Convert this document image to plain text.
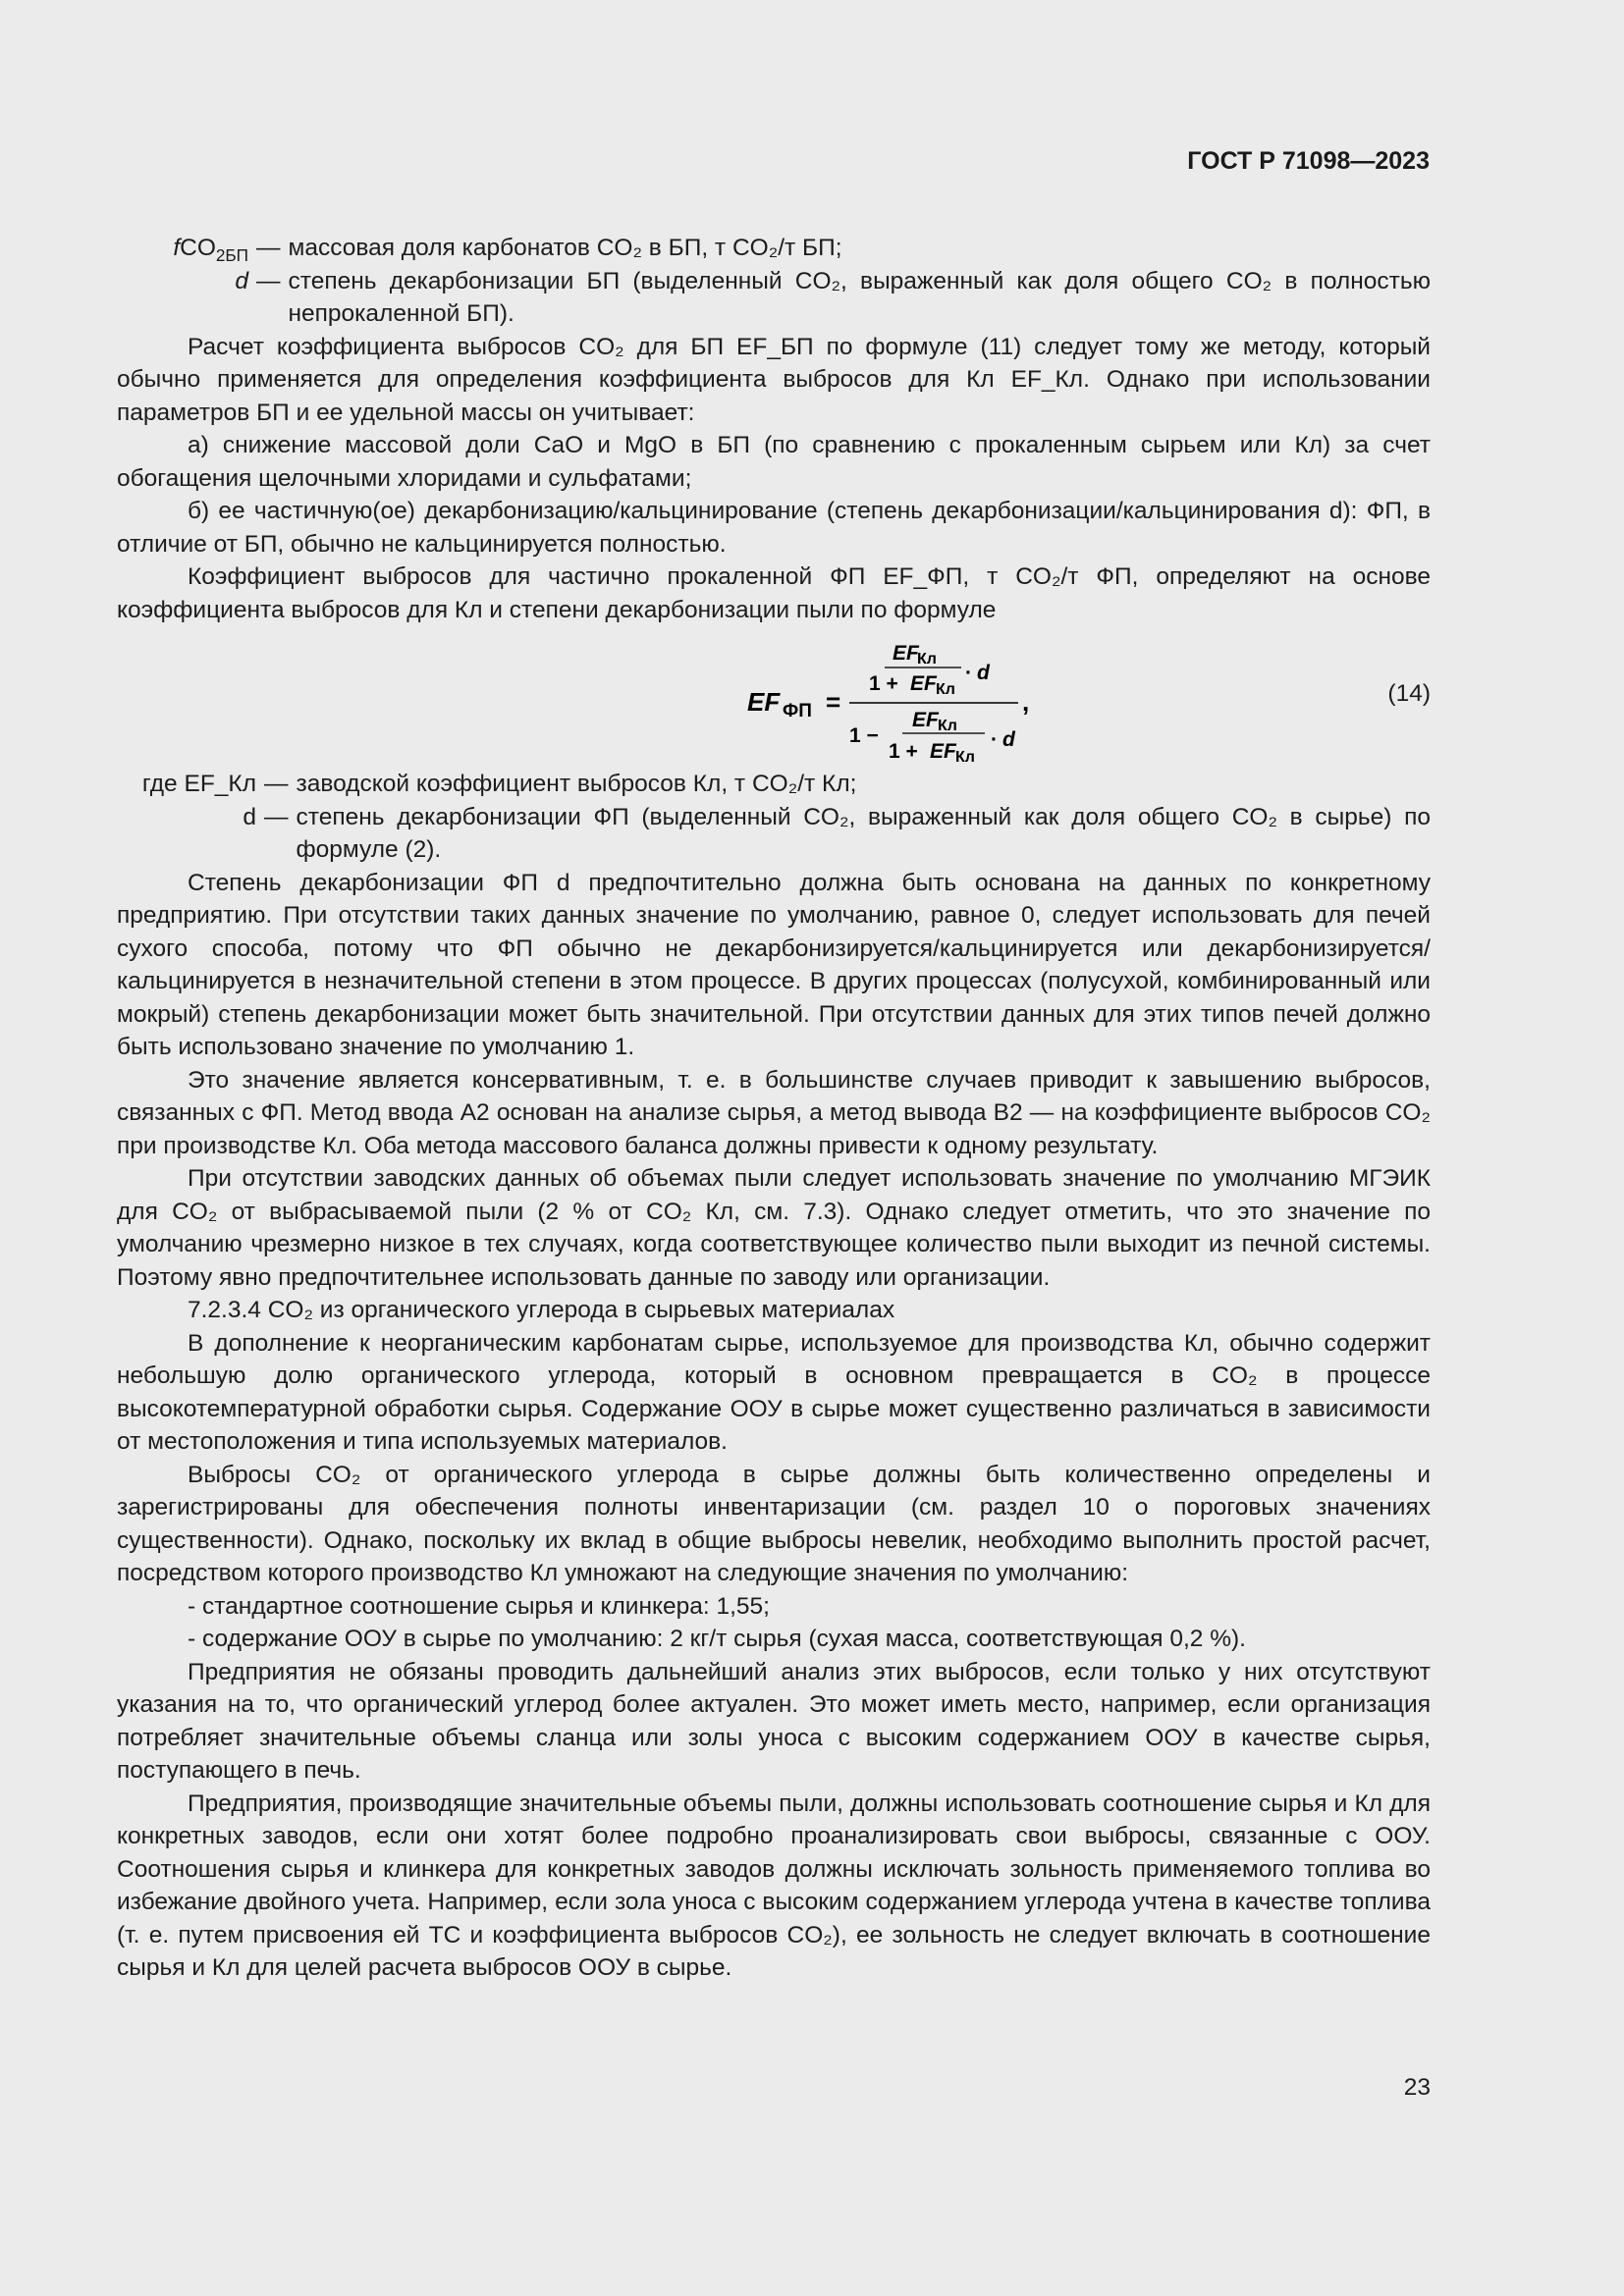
ГОСТ Р 71098—2023
fCO$_{2БП}$ — массовая доля карбонатов CO₂ в БП, т CO₂/т БП;
d — степень декарбонизации БП (выделенный CO₂, выраженный как доля общего CO₂ в полностью непрокаленной БП).

Расчет коэффициента выбросов CO₂ для БП EF_БП по формуле (11) следует тому же методу, который обычно применяется для определения коэффициента выбросов для Кл EF_Кл. Однако при использовании параметров БП и ее удельной массы он учитывает:

а) снижение массовой доли CaO и MgO в БП (по сравнению с прокаленным сырьем или Кл) за счет обогащения щелочными хлоридами и сульфатами;

б) ее частичную(ое) декарбонизацию/кальцинирование (степень декарбонизации/кальцинирования d): ФП, в отличие от БП, обычно не кальцинируется полностью.

Коэффициент выбросов для частично прокаленной ФП EF_ФП, т CO₂/т ФП, определяют на основе коэффициента выбросов для Кл и степени декарбонизации пыли по формуле

EF ФП =
EF
Кл
1 + EF Кл
· d
,
1 −
EF Кл
1 + EF Кл
· d
(14)
где EF_Кл — заводской коэффициент выбросов Кл, т CO₂/т Кл;
d — степень декарбонизации ФП (выделенный CO₂, выраженный как доля общего CO₂ в сырье) по формуле (2).

Степень декарбонизации ФП d предпочтительно должна быть основана на данных по конкретному предприятию. При отсутствии таких данных значение по умолчанию, равное 0, следует использовать для печей сухого способа, потому что ФП обычно не декарбонизируется/кальцинируется или декарбонизируется/кальцинируется в незначительной степени в этом процессе. В других процессах (полусухой, комбинированный или мокрый) степень декарбонизации может быть значительной. При отсутствии данных для этих типов печей должно быть использовано значение по умолчанию 1.

Это значение является консервативным, т. е. в большинстве случаев приводит к завышению выбросов, связанных с ФП. Метод ввода A2 основан на анализе сырья, а метод вывода B2 — на коэффициенте выбросов CO₂ при производстве Кл. Оба метода массового баланса должны привести к одному результату.

При отсутствии заводских данных об объемах пыли следует использовать значение по умолчанию МГЭИК для CO₂ от выбрасываемой пыли (2 % от CO₂ Кл, см. 7.3). Однако следует отметить, что это значение по умолчанию чрезмерно низкое в тех случаях, когда соответствующее количество пыли выходит из печной системы. Поэтому явно предпочтительнее использовать данные по заводу или организации.

7.2.3.4 CO₂ из органического углерода в сырьевых материалах

В дополнение к неорганическим карбонатам сырье, используемое для производства Кл, обычно содержит небольшую долю органического углерода, который в основном превращается в CO₂ в процессе высокотемпературной обработки сырья. Содержание ООУ в сырье может существенно различаться в зависимости от местоположения и типа используемых материалов.

Выбросы CO₂ от органического углерода в сырье должны быть количественно определены и зарегистрированы для обеспечения полноты инвентаризации (см. раздел 10 о пороговых значениях существенности). Однако, поскольку их вклад в общие выбросы невелик, необходимо выполнить простой расчет, посредством которого производство Кл умножают на следующие значения по умолчанию:

- стандартное соотношение сырья и клинкера: 1,55;

- содержание ООУ в сырье по умолчанию: 2 кг/т сырья (сухая масса, соответствующая 0,2 %).

Предприятия не обязаны проводить дальнейший анализ этих выбросов, если только у них отсутствуют указания на то, что органический углерод более актуален. Это может иметь место, например, если организация потребляет значительные объемы сланца или золы уноса с высоким содержанием ООУ в качестве сырья, поступающего в печь.

Предприятия, производящие значительные объемы пыли, должны использовать соотношение сырья и Кл для конкретных заводов, если они хотят более подробно проанализировать свои выбросы, связанные с ООУ. Соотношения сырья и клинкера для конкретных заводов должны исключать зольность применяемого топлива во избежание двойного учета. Например, если зола уноса с высоким содержанием углерода учтена в качестве топлива (т. е. путем присвоения ей ТС и коэффициента выбросов CO₂), ее зольность не следует включать в соотношение сырья и Кл для целей расчета выбросов ООУ в сырье.

23
